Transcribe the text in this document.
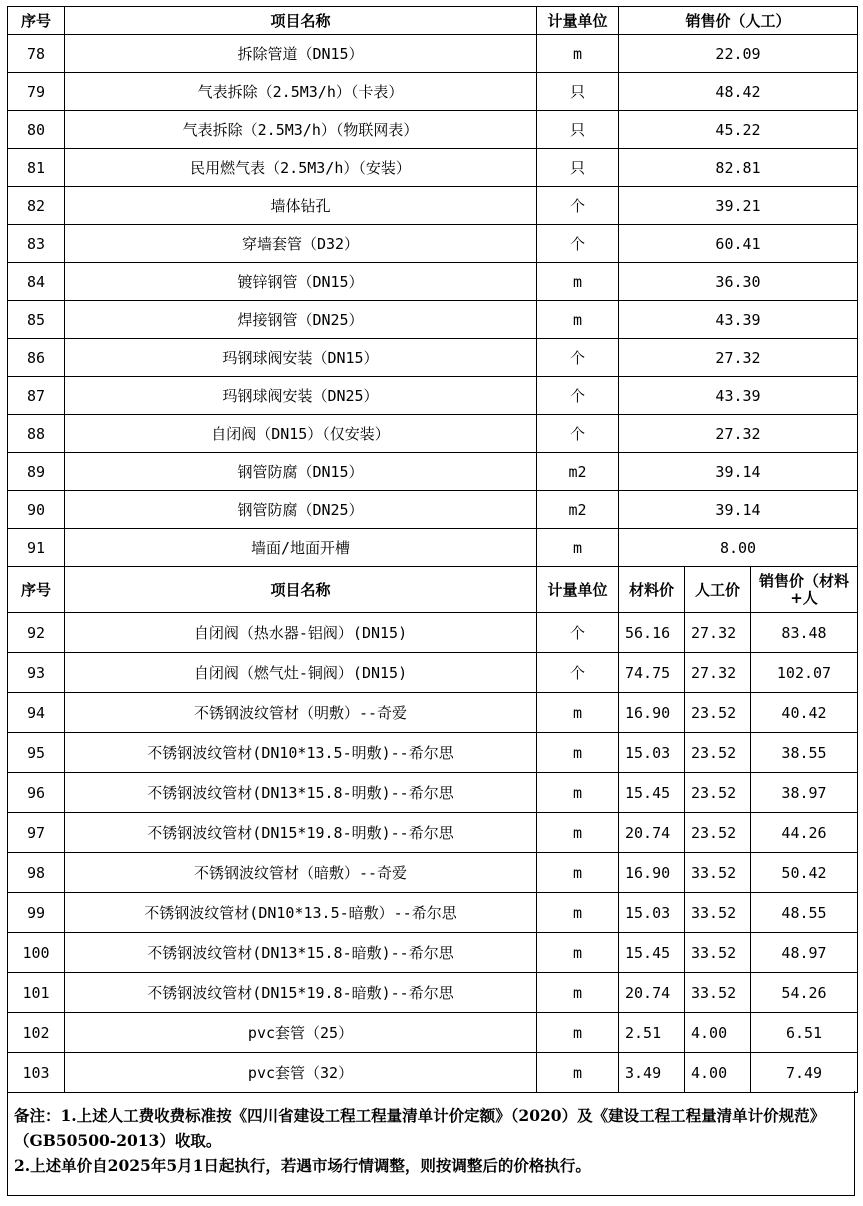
序号	项目名称	计量单位	销售价（人工）
78	拆除管道（DN15）	m	22.09
79	气表拆除（2.5M3/h）（卡表）	只	48.42
80	气表拆除（2.5M3/h）（物联网表）	只	45.22
81	民用燃气表（2.5M3/h）（安装）	只	82.81
82	墙体钻孔	个	39.21
83	穿墙套管（D32）	个	60.41
84	镀锌钢管（DN15）	m	36.30
85	焊接钢管（DN25）	m	43.39
86	玛钢球阀安装（DN15）	个	27.32
87	玛钢球阀安装（DN25）	个	43.39
88	自闭阀（DN15）（仅安装）	个	27.32
89	钢管防腐（DN15）	m2	39.14
90	钢管防腐（DN25）	m2	39.14
91	墙面/地面开槽	m	8.00
序号	项目名称	计量单位	材料价	人工价	销售价（材料+人
92	自闭阀（热水器-铝阀）(DN15)	个	56.16	27.32	83.48
93	自闭阀（燃气灶-铜阀）(DN15)	个	74.75	27.32	102.07
94	不锈钢波纹管材（明敷）--奇爱	m	16.90	23.52	40.42
95	不锈钢波纹管材(DN10*13.5-明敷)--希尔思	m	15.03	23.52	38.55
96	不锈钢波纹管材(DN13*15.8-明敷)--希尔思	m	15.45	23.52	38.97
97	不锈钢波纹管材(DN15*19.8-明敷)--希尔思	m	20.74	23.52	44.26
98	不锈钢波纹管材（暗敷）--奇爱	m	16.90	33.52	50.42
99	不锈钢波纹管材(DN10*13.5-暗敷）--希尔思	m	15.03	33.52	48.55
100	不锈钢波纹管材(DN13*15.8-暗敷)--希尔思	m	15.45	33.52	48.97
101	不锈钢波纹管材(DN15*19.8-暗敷)--希尔思	m	20.74	33.52	54.26
102	pvc套管（25）	m	2.51	4.00	6.51
103	pvc套管（32）	m	3.49	4.00	7.49

备注：1.上述人工费收费标准按《四川省建设工程工程量清单计价定额》（2020）及《建设工程工程量清单计价规范》（GB50500-2013）收取。

2.上述单价自2025年5月1日起执行，若遇市场行情调整，则按调整后的价格执行。
